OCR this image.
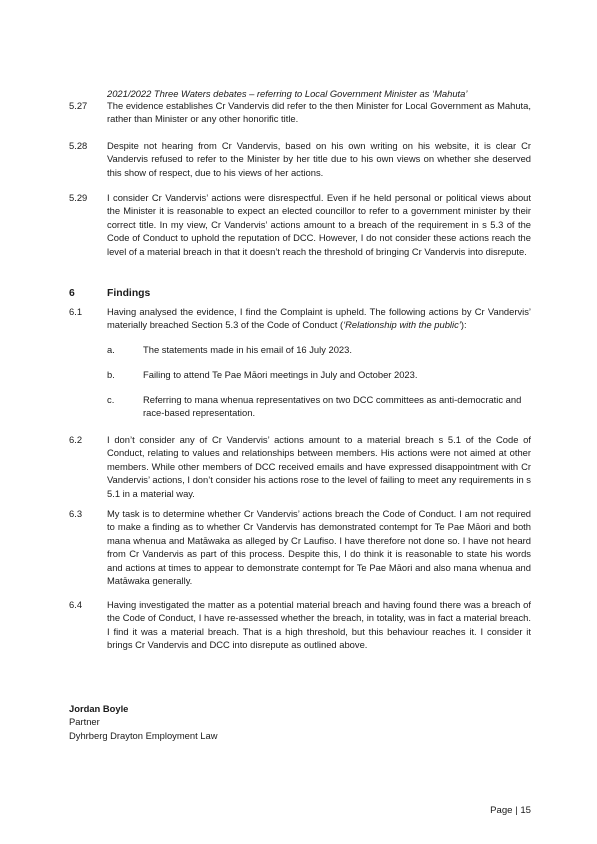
2021/2022 Three Waters debates – referring to Local Government Minister as ‘Mahuta’
5.27 The evidence establishes Cr Vandervis did refer to the then Minister for Local Government as Mahuta, rather than Minister or any other honorific title.
5.28 Despite not hearing from Cr Vandervis, based on his own writing on his website, it is clear Cr Vandervis refused to refer to the Minister by her title due to his own views on whether she deserved this show of respect, due to his views of her actions.
5.29 I consider Cr Vandervis’ actions were disrespectful. Even if he held personal or political views about the Minister it is reasonable to expect an elected councillor to refer to a government minister by their correct title. In my view, Cr Vandervis’ actions amount to a breach of the requirement in s 5.3 of the Code of Conduct to uphold the reputation of DCC. However, I do not consider these actions reach the level of a material breach in that it doesn’t reach the threshold of bringing Cr Vandervis into disrepute.
6	Findings
6.1	Having analysed the evidence, I find the Complaint is upheld. The following actions by Cr Vandervis’ materially breached Section 5.3 of the Code of Conduct (‘Relationship with the public’):
a.	The statements made in his email of 16 July 2023.
b.	Failing to attend Te Pae Māori meetings in July and October 2023.
c.	Referring to mana whenua representatives on two DCC committees as anti-democratic and race-based representation.
6.2	I don’t consider any of Cr Vandervis’ actions amount to a material breach s 5.1 of the Code of Conduct, relating to values and relationships between members. His actions were not aimed at other members. While other members of DCC received emails and have expressed disappointment with Cr Vandervis’ actions, I don’t consider his actions rose to the level of failing to meet any requirements in s 5.1 in a material way.
6.3	My task is to determine whether Cr Vandervis’ actions breach the Code of Conduct. I am not required to make a finding as to whether Cr Vandervis has demonstrated contempt for Te Pae Māori and both mana whenua and Matāwaka as alleged by Cr Laufiso. I have therefore not done so. I have not heard from Cr Vandervis as part of this process. Despite this, I do think it is reasonable to state his words and actions at times to appear to demonstrate contempt for Te Pae Māori and also mana whenua and Matāwaka generally.
6.4	Having investigated the matter as a potential material breach and having found there was a breach of the Code of Conduct, I have re-assessed whether the breach, in totality, was in fact a material breach. I find it was a material breach. That is a high threshold, but this behaviour reaches it. I consider it brings Cr Vandervis and DCC into disrepute as outlined above.
Jordan Boyle
Partner
Dyhrberg Drayton Employment Law
Page | 15
